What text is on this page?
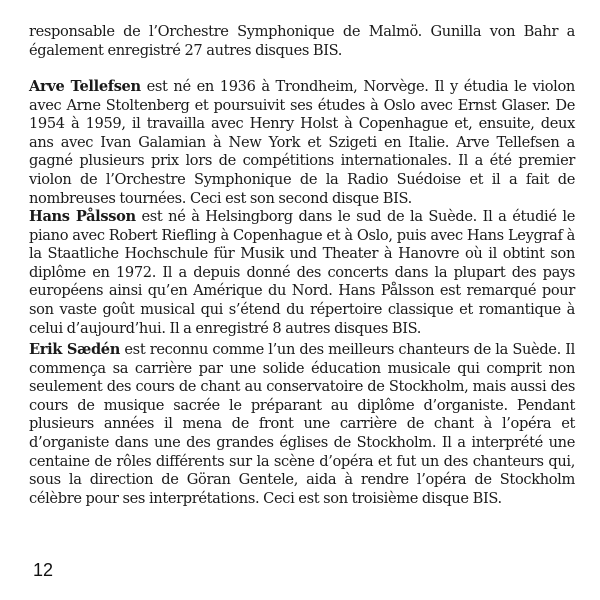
responsable de l’Orchestre Symphonique de Malmö. Gunilla von Bahr a également enregistré 27 autres disques BIS.

Arve Tellefsen est né en 1936 à Trondheim, Norvège. Il y étudia le violon avec Arne Stoltenberg et poursuivit ses études à Oslo avec Ernst Glaser. De 1954 à 1959, il travailla avec Henry Holst à Copenhague et, ensuite, deux ans avec Ivan Galamian à New York et Szigeti en Italie. Arve Tellefsen a gagné plusieurs prix lors de compétitions internationales. Il a été premier violon de l’Orchestre Symphonique de la Radio Suédoise et il a fait de nombreuses tournées. Ceci est son second disque BIS.

Hans Pålsson est né à Helsingborg dans le sud de la Suède. Il a étudié le piano avec Robert Riefling à Copenhague et à Oslo, puis avec Hans Leygraf à la Staatliche Hochschule für Musik und Theater à Hanovre où il obtint son diplôme en 1972. Il a depuis donné des concerts dans la plupart des pays européens ainsi qu’en Amérique du Nord. Hans Pålsson est remarqué pour son vaste goût musical qui s’étend du répertoire classique et romantique à celui d’aujourd’hui. Il a enregistré 8 autres disques BIS.

Erik Sædén est reconnu comme l’un des meilleurs chanteurs de la Suède. Il commença sa carrière par une solide éducation musicale qui comprit non seulement des cours de chant au conservatoire de Stockholm, mais aussi des cours de musique sacrée le préparant au diplôme d’organiste. Pendant plusieurs années il mena de front une carrière de chant à l’opéra et d’organiste dans une des grandes églises de Stockholm. Il a interprété une centaine de rôles différents sur la scène d’opéra et fut un des chanteurs qui, sous la direction de Göran Gentele, aida à rendre l’opéra de Stockholm célèbre pour ses interprétations. Ceci est son troisième disque BIS.

12
